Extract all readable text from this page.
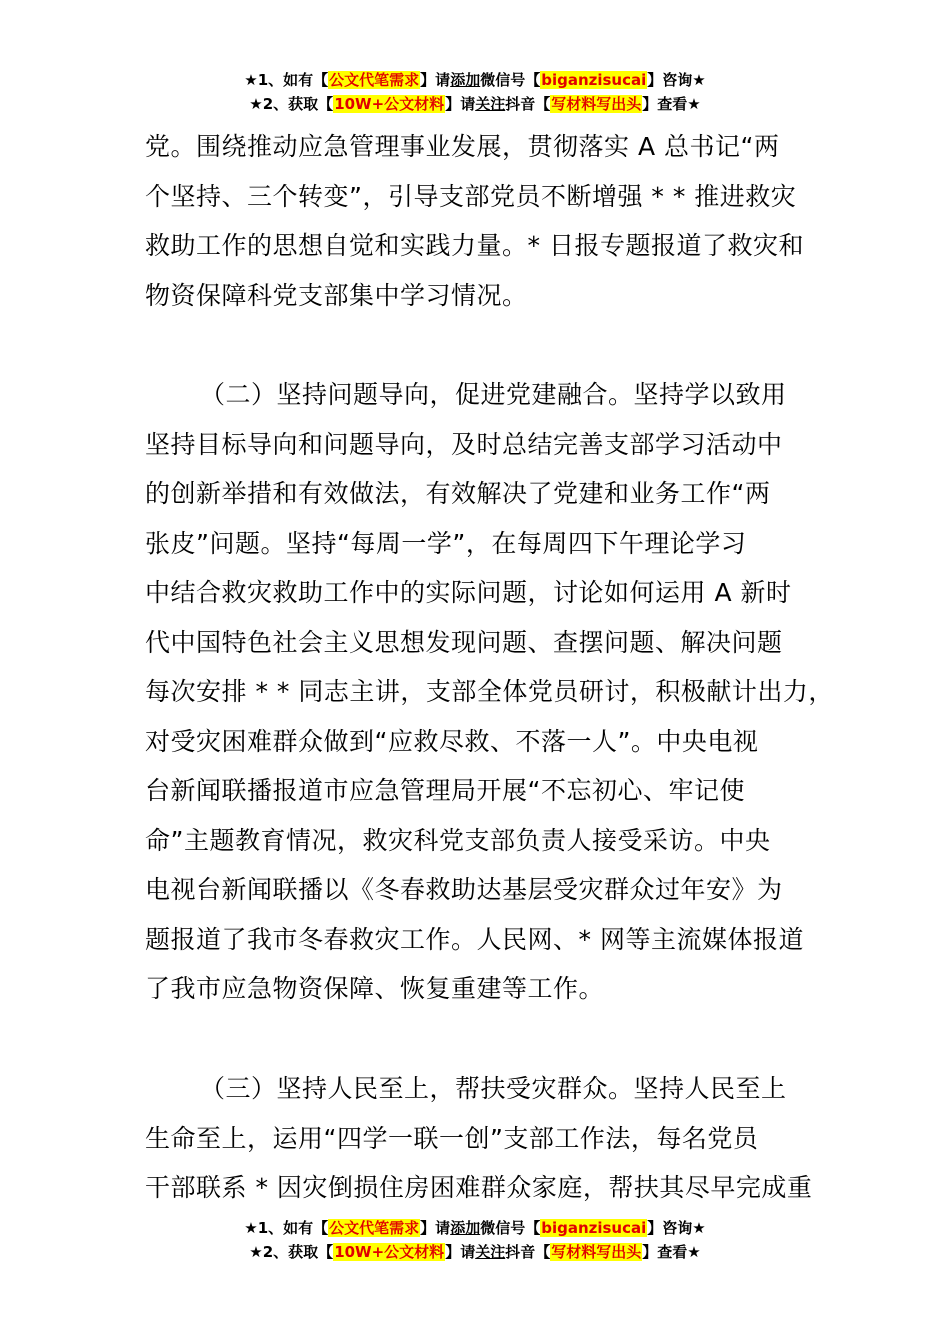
★1、如有【公文代笔需求】请添加微信号【biganzisucai】咨询★
★2、获取【10W+公文材料】请关注抖音【写材料写出头】查看★
党。围绕推动应急管理事业发展，贯彻落实 A 总书记“两
个坚持、三个转变”，引导支部党员不断增强 * * 推进救灾
救助工作的思想自觉和实践力量。* 日报专题报道了救灾和
物资保障科党支部集中学习情况。
（二）坚持问题导向，促进党建融合。坚持学以致用
坚持目标导向和问题导向，及时总结完善支部学习活动中
的创新举措和有效做法，有效解决了党建和业务工作“两
张皮”问题。坚持“每周一学”，在每周四下午理论学习
中结合救灾救助工作中的实际问题，讨论如何运用 A 新时
代中国特色社会主义思想发现问题、查摆问题、解决问题
每次安排 * * 同志主讲，支部全体党员研讨，积极献计出力，
对受灾困难群众做到“应救尽救、不落一人”。中央电视
台新闻联播报道市应急管理局开展“不忘初心、牢记使
命”主题教育情况，救灾科党支部负责人接受采访。中央
电视台新闻联播以《冬春救助达基层受灾群众过年安》为
题报道了我市冬春救灾工作。人民网、* 网等主流媒体报道
了我市应急物资保障、恢复重建等工作。
（三）坚持人民至上，帮扶受灾群众。坚持人民至上
生命至上，运用“四学一联一创”支部工作法，每名党员
干部联系 * 因灾倒损住房困难群众家庭，帮扶其尽早完成重
★1、如有【公文代笔需求】请添加微信号【biganzisucai】咨询★
★2、获取【10W+公文材料】请关注抖音【写材料写出头】查看★
